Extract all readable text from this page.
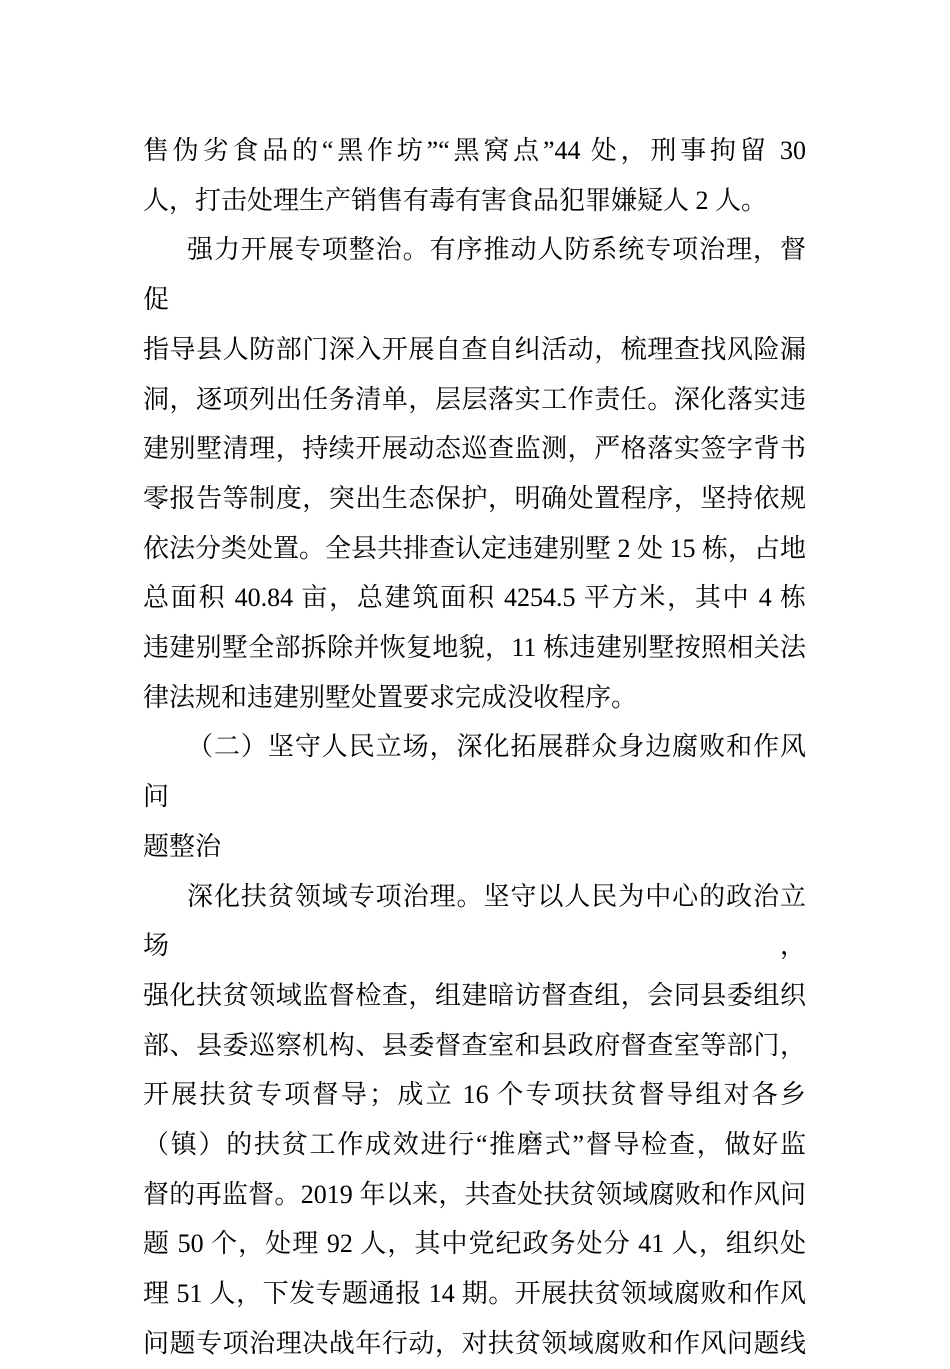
售伪劣食品的“黑作坊”“黑窝点”44 处，刑事拘留 30
人，打击处理生产销售有毒有害食品犯罪嫌疑人 2 人。
强力开展专项整治。有序推动人防系统专项治理，督促
指导县人防部门深入开展自查自纠活动，梳理查找风险漏
洞，逐项列出任务清单，层层落实工作责任。深化落实违
建别墅清理，持续开展动态巡查监测，严格落实签字背书
零报告等制度，突出生态保护，明确处置程序，坚持依规
依法分类处置。全县共排查认定违建别墅 2 处 15 栋，占地
总面积 40.84 亩，总建筑面积 4254.5 平方米，其中 4 栋
违建别墅全部拆除并恢复地貌，11 栋违建别墅按照相关法
律法规和违建别墅处置要求完成没收程序。
（二）坚守人民立场，深化拓展群众身边腐败和作风问
题整治
深化扶贫领域专项治理。坚守以人民为中心的政治立场，
强化扶贫领域监督检查，组建暗访督查组，会同县委组织
部、县委巡察机构、县委督查室和县政府督查室等部门，
开展扶贫专项督导；成立 16 个专项扶贫督导组对各乡
（镇）的扶贫工作成效进行“推磨式”督导检查，做好监
督的再监督。2019 年以来，共查处扶贫领域腐败和作风问
题 50 个，处理 92 人，其中党纪政务处分 41 人，组织处
理 51 人，下发专题通报 14 期。开展扶贫领域腐败和作风
问题专项治理决战年行动，对扶贫领域腐败和作风问题线
